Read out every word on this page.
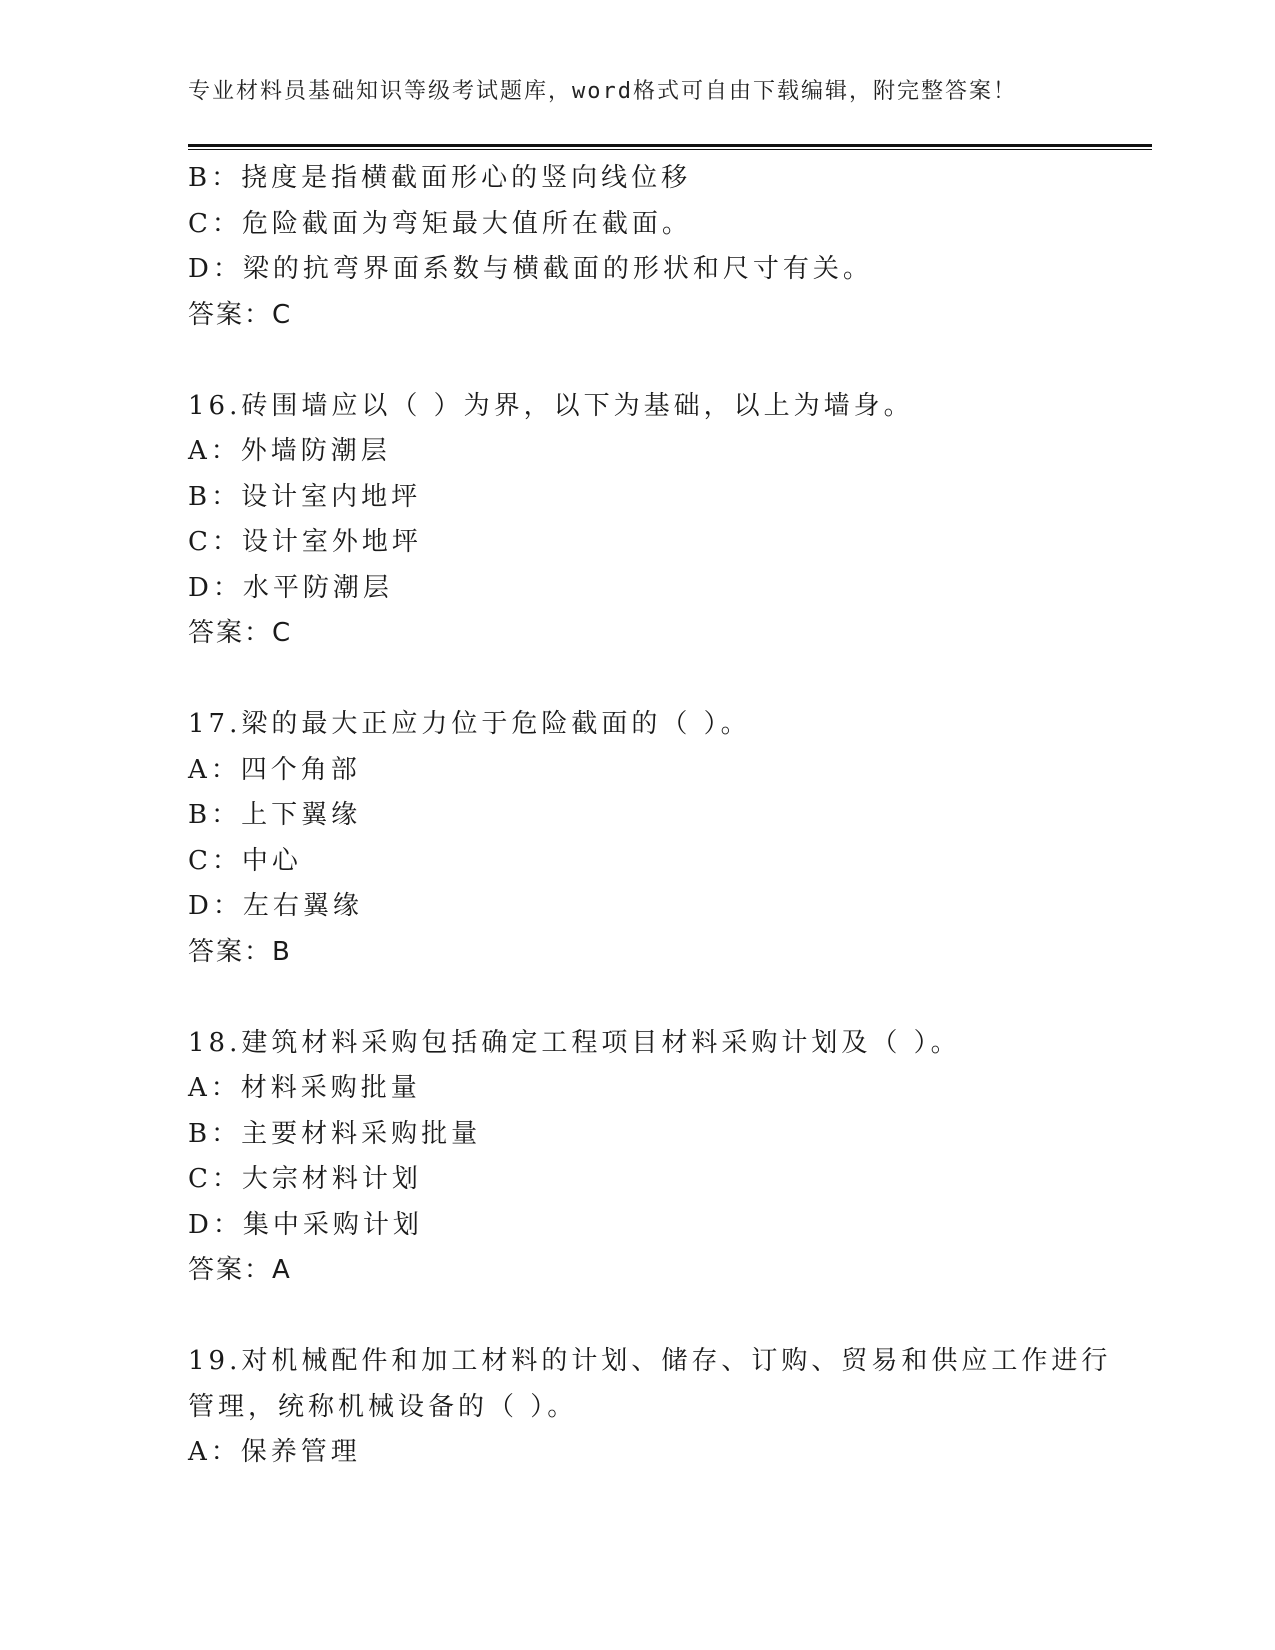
专业材料员基础知识等级考试题库，word格式可自由下载编辑，附完整答案！
B：挠度是指横截面形心的竖向线位移
C：危险截面为弯矩最大值所在截面。
D：梁的抗弯界面系数与横截面的形状和尺寸有关。
答案：C
16.砖围墙应以（ ）为界，以下为基础，以上为墙身。
A：外墙防潮层
B：设计室内地坪
C：设计室外地坪
D：水平防潮层
答案：C
17.梁的最大正应力位于危险截面的（ ）。
A：四个角部
B：上下翼缘
C：中心
D：左右翼缘
答案：B
18.建筑材料采购包括确定工程项目材料采购计划及（ ）。
A：材料采购批量
B：主要材料采购批量
C：大宗材料计划
D：集中采购计划
答案：A
19.对机械配件和加工材料的计划、储存、订购、贸易和供应工作进行
管理，统称机械设备的（ ）。
A：保养管理
